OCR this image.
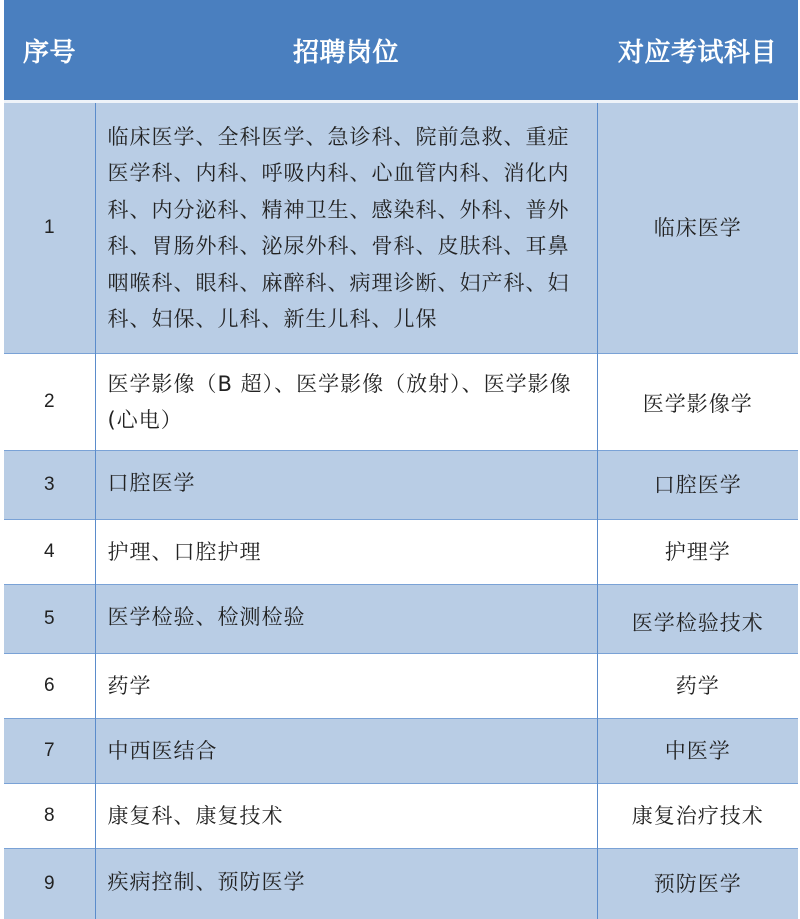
序号	招聘岗位	对应考试科目
1	临床医学、全科医学、急诊科、院前急救、重症医学科、内科、呼吸内科、心血管内科、消化内科、内分泌科、精神卫生、感染科、外科、普外科、胃肠外科、泌尿外科、骨科、皮肤科、耳鼻咽喉科、眼科、麻醉科、病理诊断、妇产科、妇科、妇保、儿科、新生儿科、儿保	临床医学
2	医学影像（B 超）、医学影像（放射）、医学影像(心电）	医学影像学
3	口腔医学	口腔医学
4	护理、口腔护理	护理学
5	医学检验、检测检验	医学检验技术
6	药学	药学
7	中西医结合	中医学
8	康复科、康复技术	康复治疗技术
9	疾病控制、预防医学	预防医学
